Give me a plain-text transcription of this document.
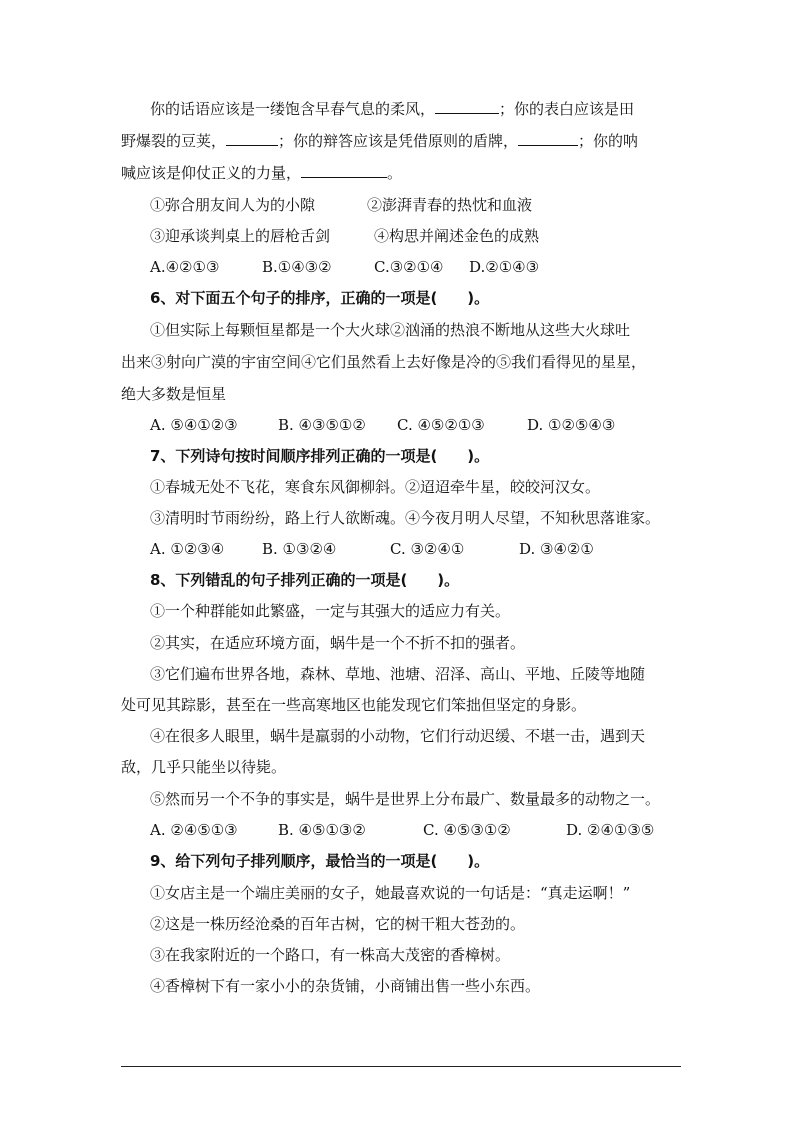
你的话语应该是一缕饱含早春气息的柔风，	；你的表白应该是田
野爆裂的豆荚，	；你的辩答应该是凭借原则的盾牌，	；你的呐
喊应该是仰仗正义的力量，	。
①弥合朋友间人为的小隙	②澎湃青春的热忱和血液
③迎承谈判桌上的唇枪舌剑	④构思并阐述金色的成熟
A.④②①③	B.①④③②	C.③②①④ D.②①④③
6、对下面五个句子的排序，正确的一项是(　　)。
①但实际上每颗恒星都是一个大火球②汹涌的热浪不断地从这些大火球吐
出来③射向广漠的宇宙空间④它们虽然看上去好像是冷的⑤我们看得见的星星，
绝大多数是恒星
A. ⑤④①②③	B. ④③⑤①② C. ④⑤②①③	D. ①②⑤④③
7、下列诗句按时间顺序排列正确的一项是(　　)。
①春城无处不飞花，寒食东风御柳斜。②迢迢牵牛星，皎皎河汉女。
③清明时节雨纷纷，路上行人欲断魂。④今夜月明人尽望，不知秋思落谁家。
A. ①②③④	B. ①③②④	C. ③②④①	D. ③④②①
8、下列错乱的句子排列正确的一项是(　　)。
①一个种群能如此繁盛，一定与其强大的适应力有关。
②其实，在适应环境方面，蜗牛是一个不折不扣的强者。
③它们遍布世界各地，森林、草地、池塘、沼泽、高山、平地、丘陵等地随
处可见其踪影，甚至在一些高寒地区也能发现它们笨拙但坚定的身影。
④在很多人眼里，蜗牛是羸弱的小动物，它们行动迟缓、不堪一击，遇到天
敌，几乎只能坐以待毙。
⑤然而另一个不争的事实是，蜗牛是世界上分布最广、数量最多的动物之一。
A. ②④⑤①③	B. ④⑤①③②	C. ④⑤③①②	D. ②④①③⑤
9、给下列句子排列顺序，最恰当的一项是(　　)。
①女店主是一个端庄美丽的女子，她最喜欢说的一句话是：“真走运啊！”
②这是一株历经沧桑的百年古树，它的树干粗大苍劲的。
③在我家附近的一个路口，有一株高大茂密的香樟树。
④香樟树下有一家小小的杂货铺，小商铺出售一些小东西。
